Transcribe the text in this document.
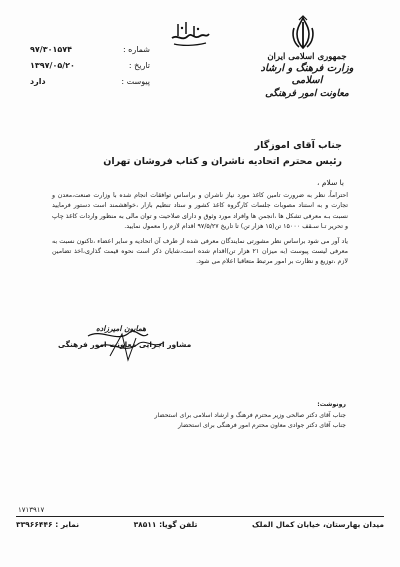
جمهوری اسلامی ایران
وزارت فرهنگ و ارشاد اسلامی
معاونت امور فرهنگی
شماره :
۹۷/۳۰۱۵۷۴
تاریخ :
۱۳۹۷/۰۵/۲۰
پیوست :
دارد
جناب آقای اموزگار
رئیس محترم اتحادیه ناشران و کتاب فروشان تهران
با سلام ،

احتراماً، نظر به ضرورت تامین کاغذ مورد نیاز ناشران و براساس توافقات انجام شده با وزارت صنعت،معدن و تجارت و به استناد مصوبات جلسات کارگروه کاغذ کشور و ستاد تنظیم بازار ،خواهشمند است دستور فرمایید نسبت بـه معرفی تشکل ها ،انجمن ها وافراد مورد وثوق و دارای صلاحیت و توان مالی به منظور واردات کاغذ چاپ و تحریر تـا سـقف ۱۵۰۰۰ تن(۱۵ هزار تن) تا تاریخ ۹۷/۵/۲۷ اقدام لازم را معمول نمایید.

یاد آور می شود براساس نظر مشورتی نمایندگان معرفی شده از طرف آن اتحادیه و سایر اعضاء ،تاکنون نسبت به معرفی لیست پیوست (به میزان ۲۱ هزار تن)اقدام شده است،شایان ذکر است نحوه قیمت گذاری،اخذ تضامین لازم ،توزیع و نظارت بر امور مرتبط متعاقبا اعلام می شود.

همایون امیرزاده
مشاور اجرایی معاونت امور فرهنگی
رونوشت:
جناب آقای دکتر صالحی وزیر محترم فرهنگ و ارشاد اسلامی برای استحضار
جناب آقای دکتر جوادی معاون محترم امور فرهنگی برای استحضار
۱۷۱۳۹۱۷
میدان بهارستان، خیابان کمال الملک
تلفن گویا: ۳۸۵۱۱
نمابر : ۳۳۹۶۶۴۴۶
